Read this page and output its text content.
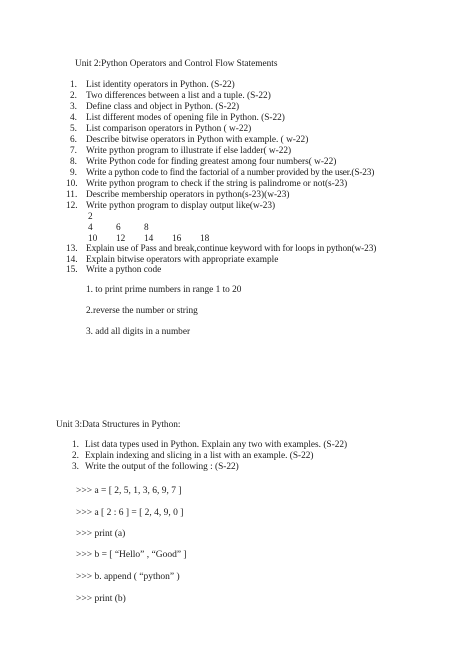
Unit 2:Python Operators and Control Flow Statements
1. List identity operators in Python. (S-22)
2. Two differences between a list and a tuple. (S-22)
3. Define class and object in Python. (S-22)
4. List different modes of opening file in Python. (S-22)
5. List comparison operators in Python ( w-22)
6. Describe bitwise operators in Python with example. ( w-22)
7. Write python program to illustrate if else ladder( w-22)
8. Write Python code for finding greatest among four numbers( w-22)
9. Write a python code to find the factorial of a number provided by the user.(S-23)
10. Write python program to check if the string is palindrome or not(s-23)
11. Describe membership operators in python(s-23)(w-23)
12. Write python program to display output like(w-23)
2
4	6	8
10 12 14 16 18
13. Explain use of Pass and break,continue keyword with for loops in python(w-23)
14. Explain bitwise operators with appropriate example
15. Write a python code
1. to print prime numbers in range 1 to 20
2.reverse the number or string
3. add all digits in a number
Unit 3:Data Structures in Python:
1. List data types used in Python. Explain any two with examples. (S-22)
2. Explain indexing and slicing in a list with an example. (S-22)
3. Write the output of the following : (S-22)
>>> a = [ 2, 5, 1, 3, 6, 9, 7 ]
>>> a [ 2 : 6 ] = [ 2, 4, 9, 0 ]
>>> print (a)
>>> b = [ “Hello” , “Good” ]
>>> b. append ( “python” )
>>> print (b)
